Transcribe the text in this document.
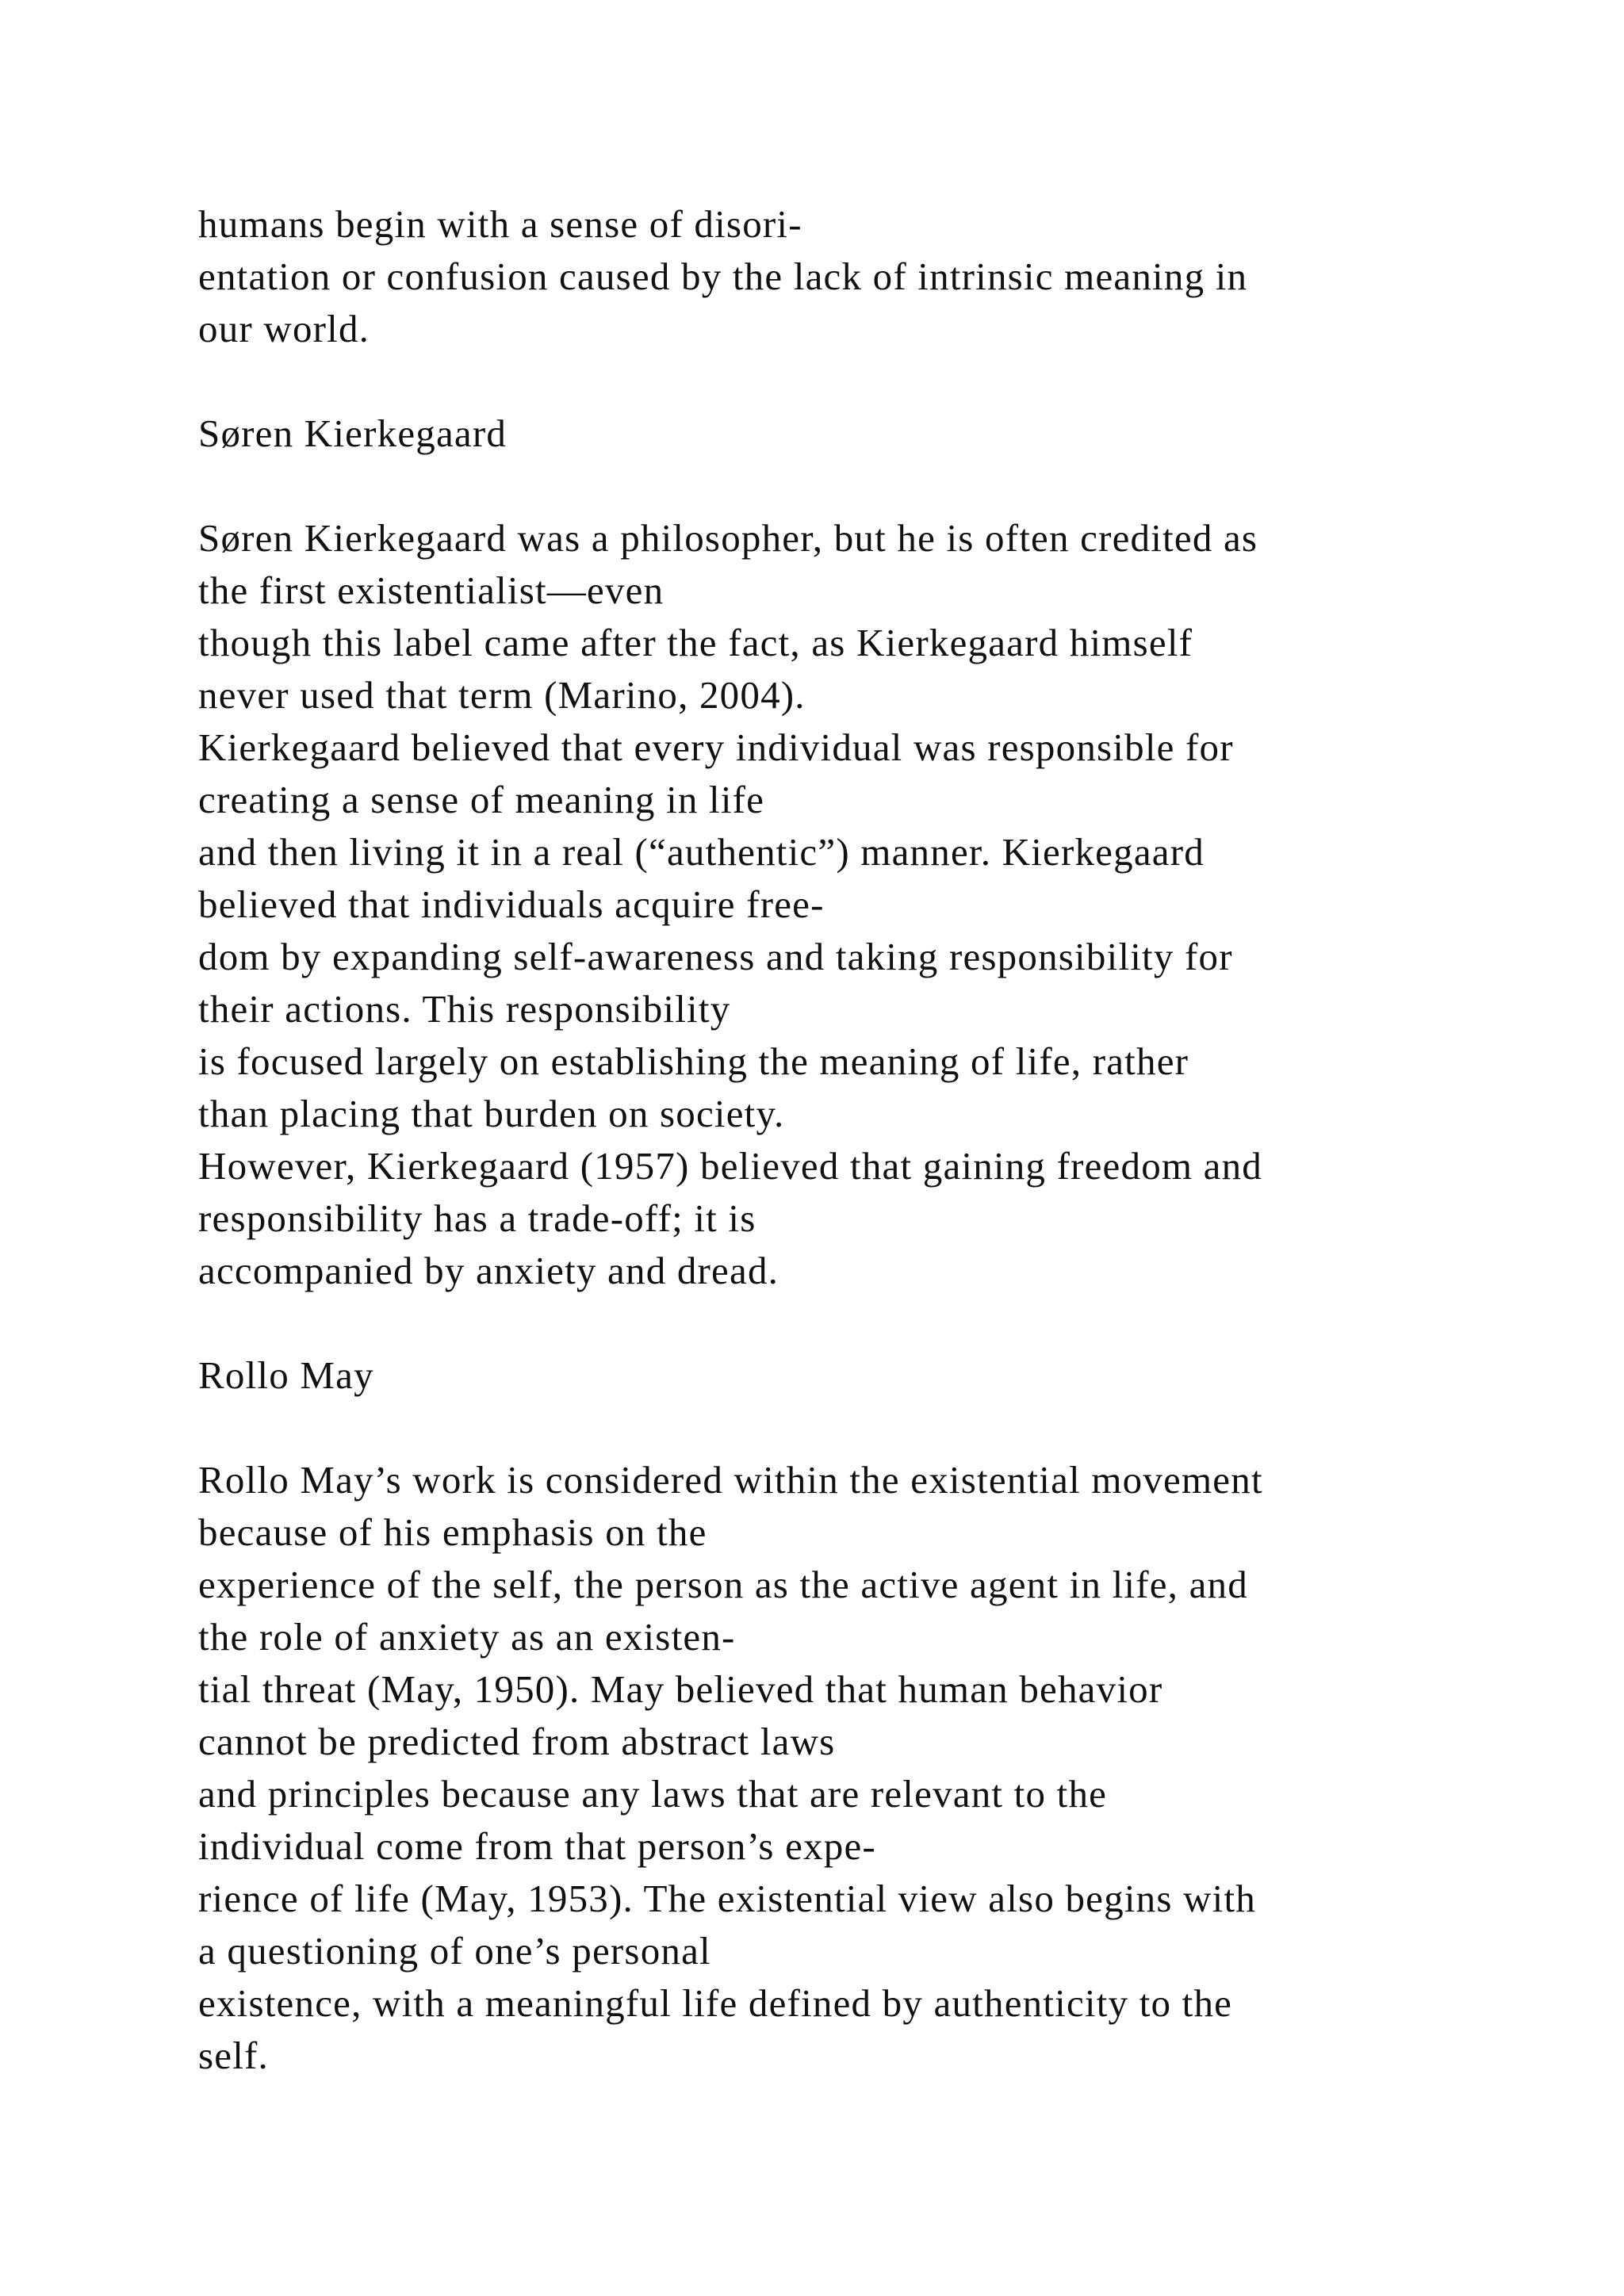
humans begin with a sense of disori-
entation or confusion caused by the lack of intrinsic meaning in
our world.
Søren Kierkegaard
Søren Kierkegaard was a philosopher, but he is often credited as
the first existentialist—even
though this label came after the fact, as Kierkegaard himself
never used that term (Marino, 2004).
Kierkegaard believed that every individual was responsible for
creating a sense of meaning in life
and then living it in a real (“authentic”) manner. Kierkegaard
believed that individuals acquire free-
dom by expanding self-awareness and taking responsibility for
their actions. This responsibility
is focused largely on establishing the meaning of life, rather
than placing that burden on society.
However, Kierkegaard (1957) believed that gaining freedom and
responsibility has a trade-off; it is
accompanied by anxiety and dread.
Rollo May
Rollo May’s work is considered within the existential movement
because of his emphasis on the
experience of the self, the person as the active agent in life, and
the role of anxiety as an existen-
tial threat (May, 1950). May believed that human behavior
cannot be predicted from abstract laws
and principles because any laws that are relevant to the
individual come from that person’s expe-
rience of life (May, 1953). The existential view also begins with
a questioning of one’s personal
existence, with a meaningful life defined by authenticity to the
self.
